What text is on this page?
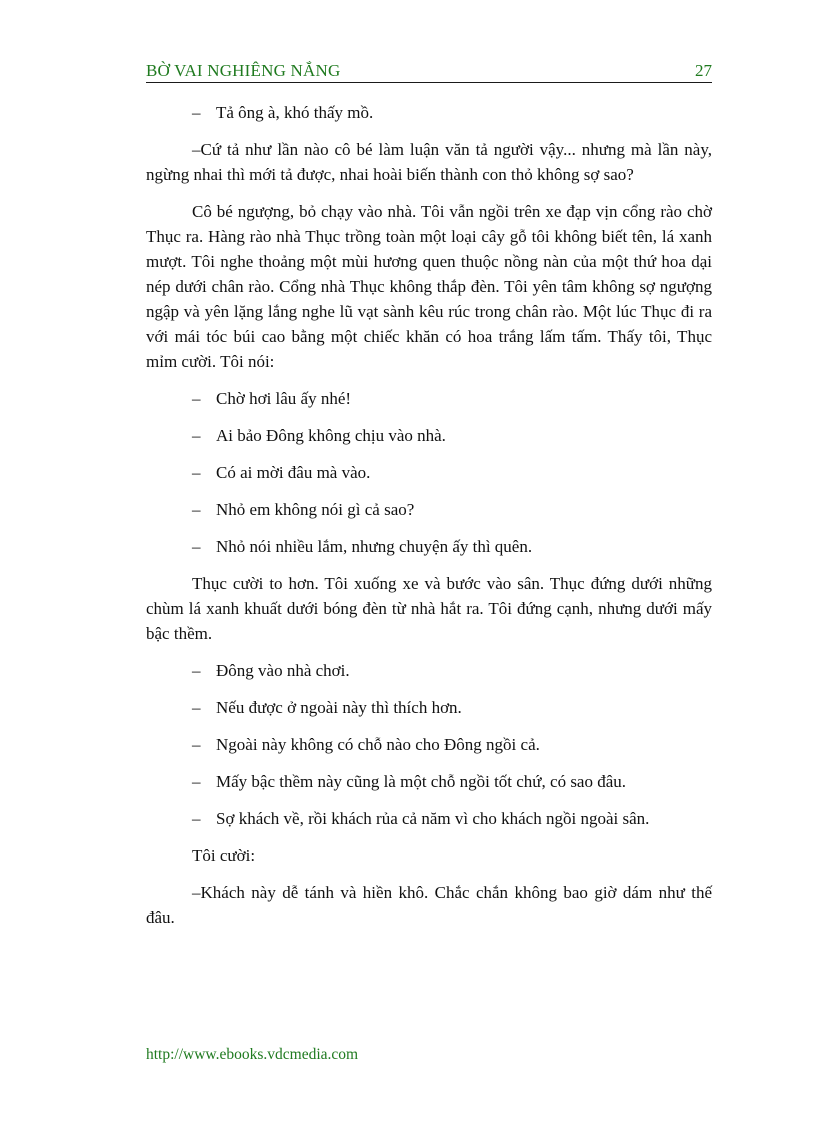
BỜ VAI NGHIÊNG NẮNG	27

– Tả ông à, khó thấy mồ.

–Cứ tả như lần nào cô bé làm luận văn tả người vậy... nhưng mà lần này, ngừng nhai thì mới tả được, nhai hoài biến thành con thỏ không sợ sao?

Cô bé ngượng, bỏ chạy vào nhà. Tôi vẫn ngồi trên xe đạp vịn cổng rào chờ Thục ra. Hàng rào nhà Thục trồng toàn một loại cây gỗ tôi không biết tên, lá xanh mượt. Tôi nghe thoảng một mùi hương quen thuộc nồng nàn của một thứ hoa dại nép dưới chân rào. Cổng nhà Thục không thắp đèn. Tôi yên tâm không sợ ngượng ngập và yên lặng lắng nghe lũ vạt sành kêu rúc trong chân rào. Một lúc Thục đi ra với mái tóc búi cao bằng một chiếc khăn có hoa trắng lấm tấm. Thấy tôi, Thục mỉm cười. Tôi nói:

– Chờ hơi lâu ấy nhé!

– Ai bảo Đông không chịu vào nhà.

– Có ai mời đâu mà vào.

– Nhỏ em không nói gì cả sao?

– Nhỏ nói nhiều lắm, nhưng chuyện ấy thì quên.

Thục cười to hơn. Tôi xuống xe và bước vào sân. Thục đứng dưới những chùm lá xanh khuất dưới bóng đèn từ nhà hắt ra. Tôi đứng cạnh, nhưng dưới mấy bậc thềm.

– Đông vào nhà chơi.

– Nếu được ở ngoài này thì thích hơn.

– Ngoài này không có chỗ nào cho Đông ngồi cả.

– Mấy bậc thềm này cũng là một chỗ ngồi tốt chứ, có sao đâu.

– Sợ khách về, rồi khách rủa cả năm vì cho khách ngồi ngoài sân.

Tôi cười:

–Khách này dễ tánh và hiền khô. Chắc chắn không bao giờ dám như thế đâu.

http://www.ebooks.vdcmedia.com
